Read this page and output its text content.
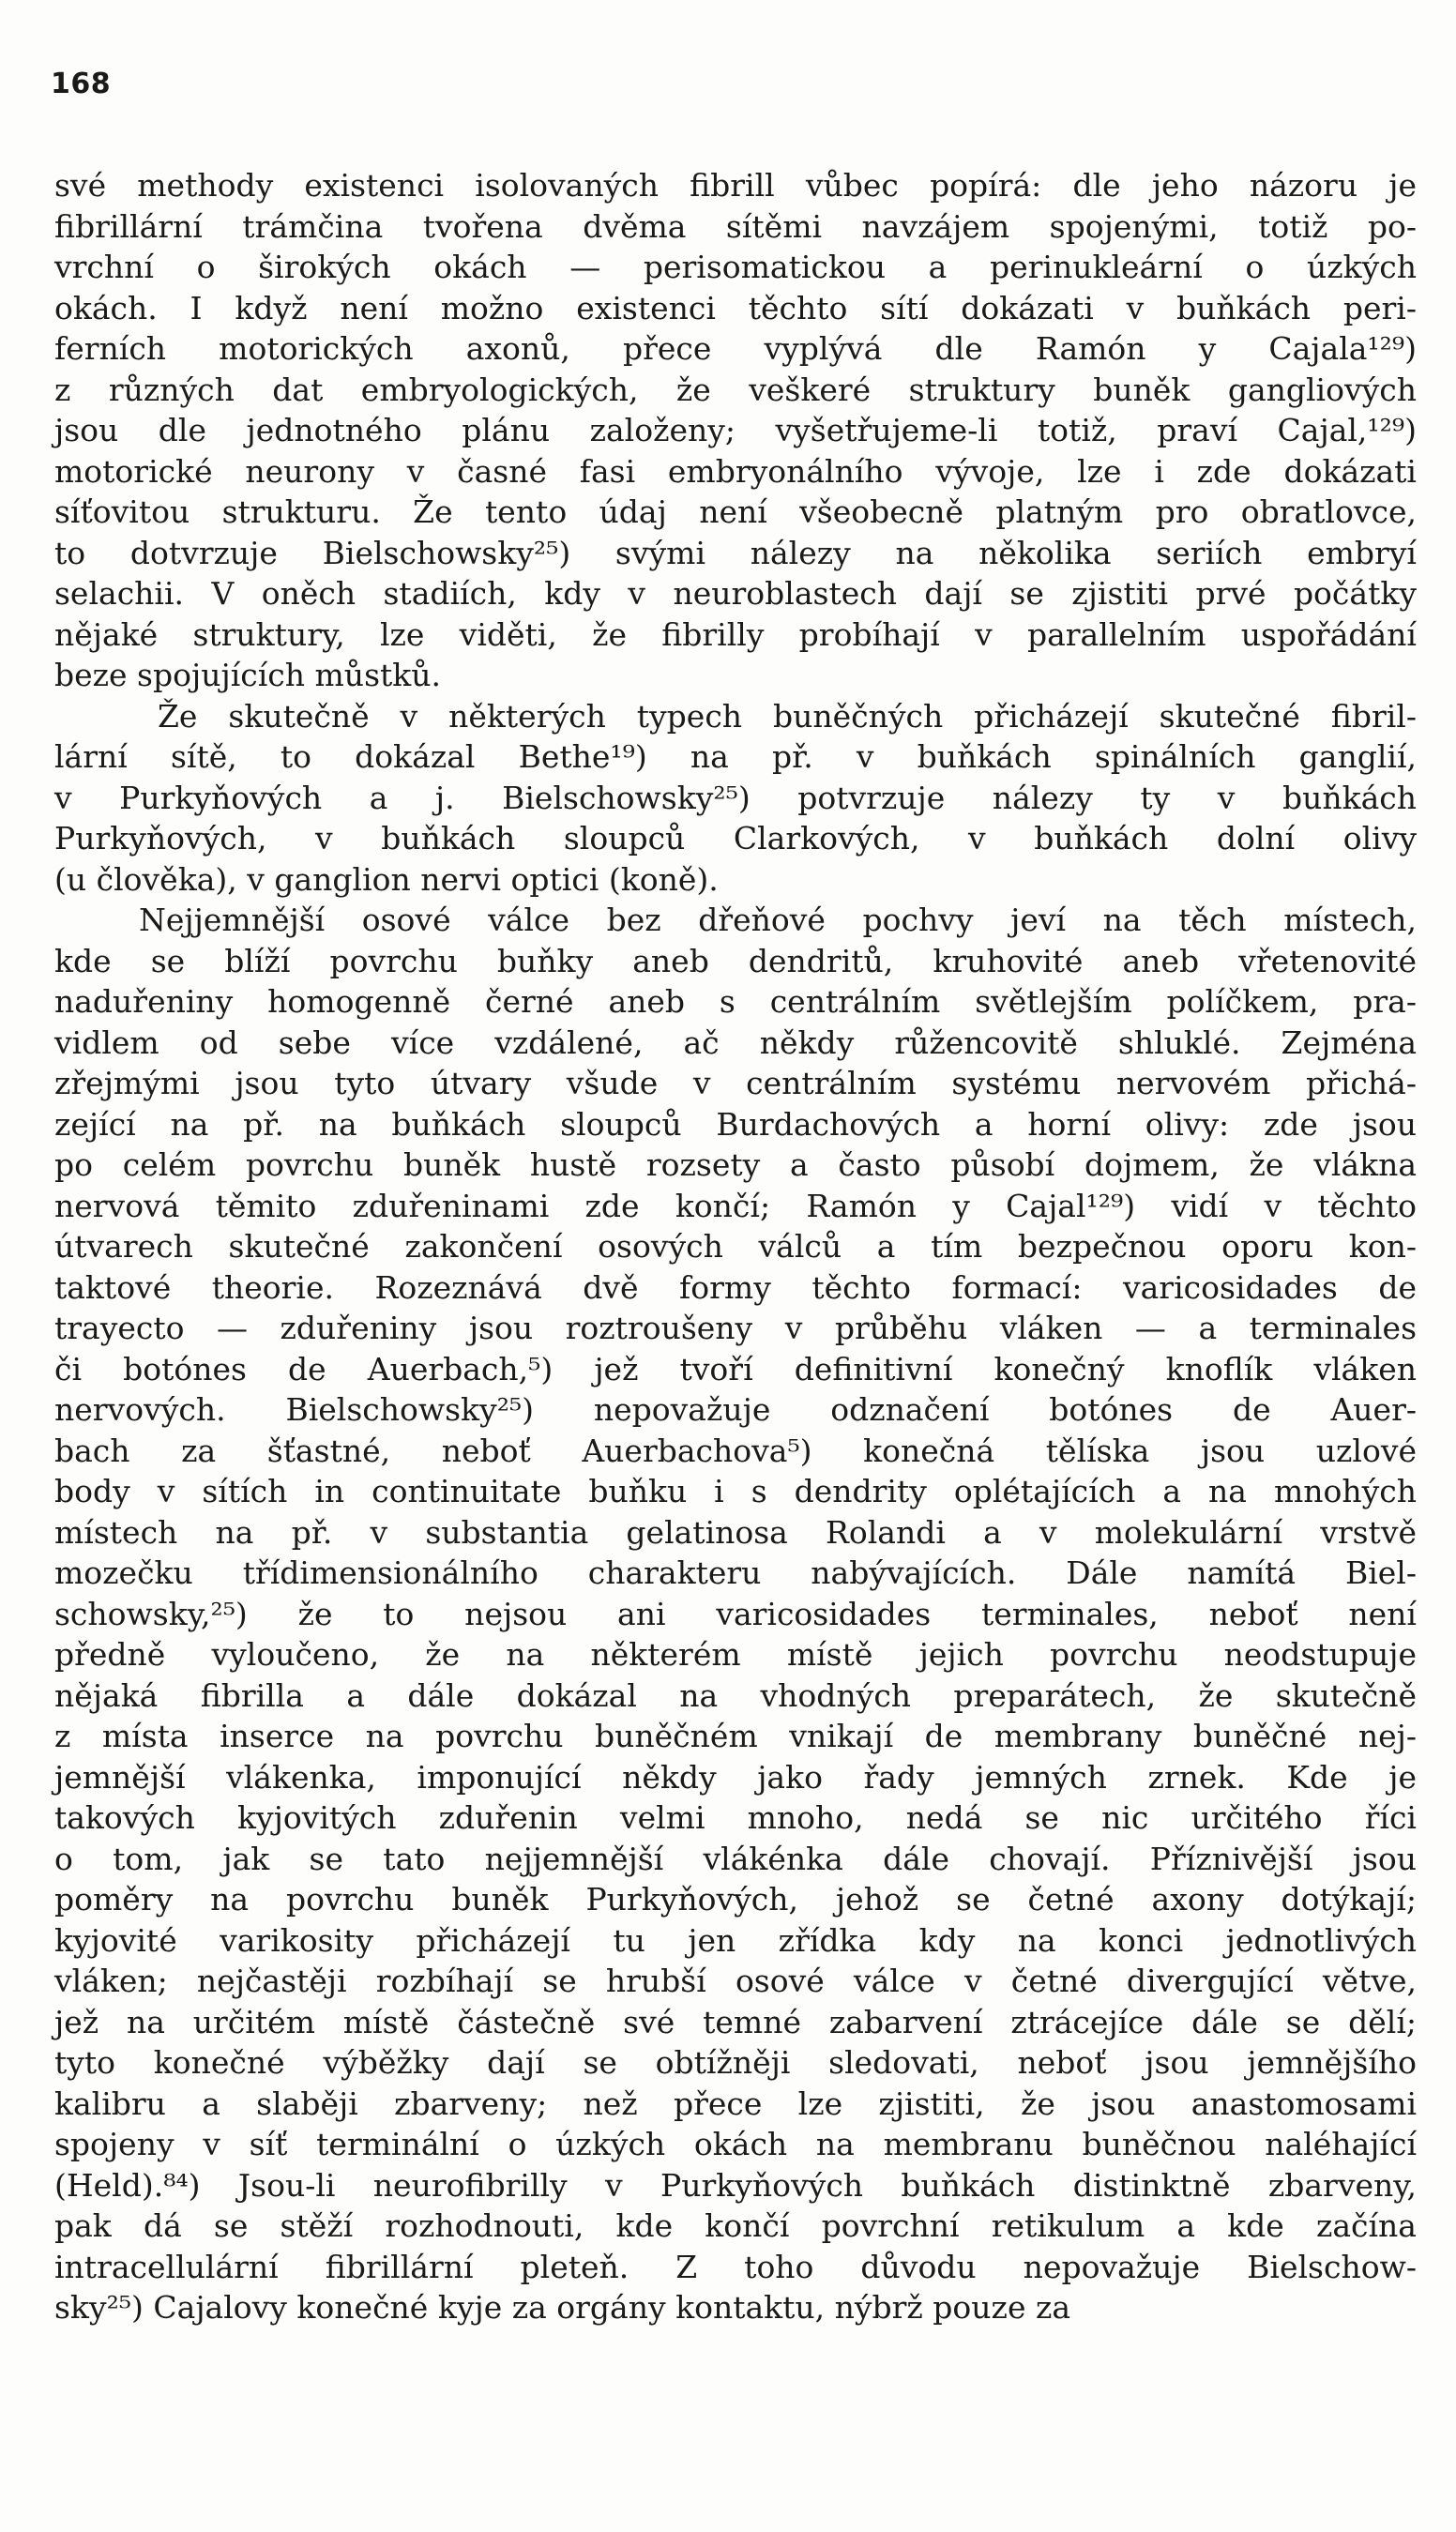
168
své methody existenci isolovaných fibrill vůbec popírá: dle jeho názoru je
fibrillární trámčina tvořena dvěma sítěmi navzájem spojenými, totiž po-
vrchní o širokých okách — perisomatickou a perinukleární o úzkých
okách. I když není možno existenci těchto sítí dokázati v buňkách peri-
ferních motorických axonů, přece vyplývá dle Ramón y Cajala¹²⁹)
z různých dat embryologických, že veškeré struktury buněk gangliových
jsou dle jednotného plánu založeny; vyšetřujeme-li totiž, praví Cajal,¹²⁹)
motorické neurony v časné fasi embryonálního vývoje, lze i zde dokázati
síťovitou strukturu. Že tento údaj není všeobecně platným pro obratlovce,
to dotvrzuje Bielschowsky²⁵) svými nálezy na několika seriích embryí
selachii. V oněch stadiích, kdy v neuroblastech dají se zjistiti prvé počátky
nějaké struktury, lze viděti, že fibrilly probíhají v parallelním uspořádání
beze spojujících můstků.
Že skutečně v některých typech buněčných přicházejí skutečné fibril-
lární sítě, to dokázal Bethe¹⁹) na př. v buňkách spinálních ganglií,
v Purkyňových a j. Bielschowsky²⁵) potvrzuje nálezy ty v buňkách
Purkyňových, v buňkách sloupců Clarkových, v buňkách dolní olivy
(u člověka), v ganglion nervi optici (koně).
Nejjemnější osové válce bez dřeňové pochvy jeví na těch místech,
kde se blíží povrchu buňky aneb dendritů, kruhovité aneb vřetenovité
naduřeniny homogenně černé aneb s centrálním světlejším políčkem, pra-
vidlem od sebe více vzdálené, ač někdy růžencovitě shluklé. Zejména
zřejmými jsou tyto útvary všude v centrálním systému nervovém přichá-
zející na př. na buňkách sloupců Burdachových a horní olivy: zde jsou
po celém povrchu buněk hustě rozsety a často působí dojmem, že vlákna
nervová těmito zduřeninami zde končí; Ramón y Cajal¹²⁹) vidí v těchto
útvarech skutečné zakončení osových válců a tím bezpečnou oporu kon-
taktové theorie. Rozeznává dvě formy těchto formací: varicosidades de
trayecto — zduřeniny jsou roztroušeny v průběhu vláken — a terminales
či botónes de Auerbach,⁵) jež tvoří definitivní konečný knoflík vláken
nervových. Bielschowsky²⁵) nepovažuje odznačení botónes de Auer-
bach za šťastné, neboť Auerbachova⁵) konečná tělíska jsou uzlové
body v sítích in continuitate buňku i s dendrity oplétajících a na mnohých
místech na př. v substantia gelatinosa Rolandi a v molekulární vrstvě
mozečku třídimensionálního charakteru nabývajících. Dále namítá Biel-
schowsky,²⁵) že to nejsou ani varicosidades terminales, neboť není
předně vyloučeno, že na některém místě jejich povrchu neodstupuje
nějaká fibrilla a dále dokázal na vhodných preparátech, že skutečně
z místa inserce na povrchu buněčném vnikají de membrany buněčné nej-
jemnější vlákenka, imponující někdy jako řady jemných zrnek. Kde je
takových kyjovitých zduřenin velmi mnoho, nedá se nic určitého říci
o tom, jak se tato nejjemnější vlákénka dále chovají. Příznivější jsou
poměry na povrchu buněk Purkyňových, jehož se četné axony dotýkají;
kyjovité varikosity přicházejí tu jen zřídka kdy na konci jednotlivých
vláken; nejčastěji rozbíhají se hrubší osové válce v četné divergující větve,
jež na určitém místě částečně své temné zabarvení ztrácejíce dále se dělí;
tyto konečné výběžky dají se obtížněji sledovati, neboť jsou jemnějšího
kalibru a slaběji zbarveny; než přece lze zjistiti, že jsou anastomosami
spojeny v síť terminální o úzkých okách na membranu buněčnou naléhající
(Held).⁸⁴) Jsou-li neurofibrilly v Purkyňových buňkách distinktně zbarveny,
pak dá se stěží rozhodnouti, kde končí povrchní retikulum a kde začína
intracellulární fibrillární pleteň. Z toho důvodu nepovažuje Bielschow-
sky²⁵) Cajalovy konečné kyje za orgány kontaktu, nýbrž pouze za
